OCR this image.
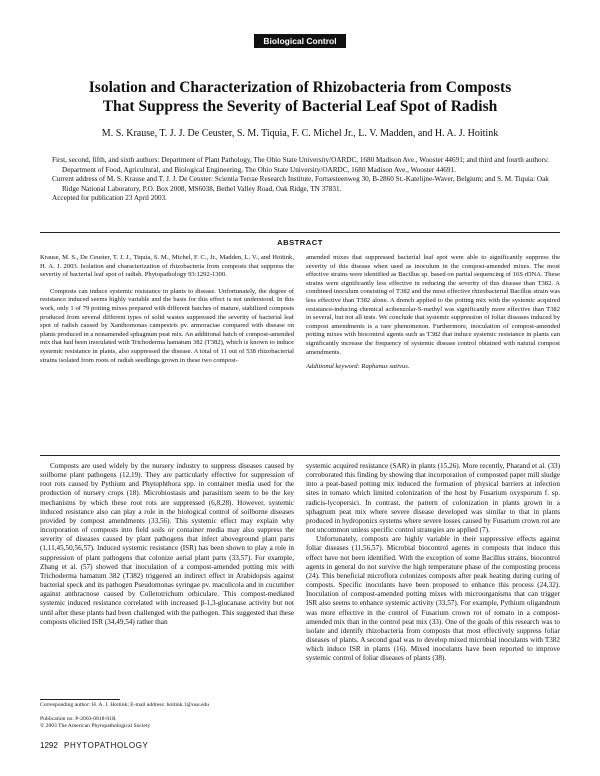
Biological Control
Isolation and Characterization of Rhizobacteria from Composts
That Suppress the Severity of Bacterial Leaf Spot of Radish
M. S. Krause, T. J. J. De Ceuster, S. M. Tiquia, F. C. Michel Jr., L. V. Madden, and H. A. J. Hoitink

First, second, fifth, and sixth authors: Department of Plant Pathology, The Ohio State University/OARDC, 1680 Madison Ave., Wooster 44691; and third and fourth authors: Department of Food, Agricultural, and Biological Engineering, The Ohio State University/OARDC, 1680 Madison Ave., Wooster 44691.

Current address of M. S. Krause and T. J. J. De Ceuster: Scientia Terrae Research Institute, Fortsesteenweg 30, B-2860 St.-Katelijne-Waver, Belgium; and S. M. Tiquia: Oak Ridge National Laboratory, P.O. Box 2008, MS6038, Bethel Valley Road, Oak Ridge, TN 37831.

Accepted for publication 23 April 2003.

ABSTRACT

Krause, M. S., De Ceuster, T. J. J., Tiquia, S. M., Michel, F. C., Jr., Madden, L. V., and Hoitink, H. A. J. 2003. Isolation and characterization of rhizobacteria from composts that suppress the severity of bacterial leaf spot of radish. Phytopathology 93:1292-1300.

Composts can induce systemic resistance in plants to disease. Unfortunately, the degree of resistance induced seems highly variable and the basis for this effect is not understood. In this work, only 1 of 79 potting mixes prepared with different batches of mature, stabilized composts produced from several different types of solid wastes suppressed the severity of bacterial leaf spot of radish caused by Xanthomonas campestris pv. armoraciae compared with disease on plants produced in a nonamended sphagnum peat mix. An additional batch of compost-amended mix that had been inoculated with Trichoderma hamatum 382 (T382), which is known to induce systemic resistance in plants, also suppressed the disease. A total of 11 out of 538 rhizobacterial strains isolated from roots of radish seedlings grown in these two compost-

amended mixes that suppressed bacterial leaf spot were able to significantly suppress the severity of this disease when used as inoculum in the compost-amended mixes. The most effective strains were identified as Bacillus sp. based on partial sequencing of 16S rDNA. These strains were significantly less effective in reducing the severity of this disease than T382. A combined inoculum consisting of T382 and the most effective rhizobacterial Bacillus strain was less effective than T382 alone. A drench applied to the potting mix with the systemic acquired resistance-inducing chemical acibenzolar-S-methyl was significantly more effective than T382 in several, but not all tests. We conclude that systemic suppression of foliar diseases induced by compost amendments is a rare phenomenon. Furthermore, inoculation of compost-amended potting mixes with biocontrol agents such as T382 that induce systemic resistance in plants can significantly increase the frequency of systemic disease control obtained with natural compost amendments.

Additional keyword: Raphanus sativus.

Composts are used widely by the nursery industry to suppress diseases caused by soilborne plant pathogens (12,19). They are particularly effective for suppression of root rots caused by Pythium and Phytophthora spp. in container media used for the production of nursery crops (18). Microbiostasis and parasitism seem to be the key mechanisms by which these root rots are suppressed (6,8,28). However, systemic induced resistance also can play a role in the biological control of soilborne diseases provided by compost amendments (33,56). This systemic effect may explain why incorporation of composts into field soils or container media may also suppress the severity of diseases caused by plant pathogens that infect aboveground plant parts (1,11,45,50,56,57). Induced systemic resistance (ISR) has been shown to play a role in suppression of plant pathogens that colonize aerial plant parts (33,57). For example, Zhang et al. (57) showed that inoculation of a compost-amended potting mix with Trichoderma hamatum 382 (T382) triggered an indirect effect in Arabidopsis against bacterial speck and its pathogen Pseudomonas syringae pv. maculicola and in cucumber against anthracnose caused by Colletotrichum orbiculare. This compost-mediated systemic induced resistance correlated with increased β-1,3-glucanase activity but not until after these plants had been challenged with the pathogen. This suggested that these composts elicited ISR (34,49,54) rather than

systemic acquired resistance (SAR) in plants (15,26). More recently, Pharand et al. (33) corroborated this finding by showing that incorporation of composted paper mill sludge into a peat-based potting mix induced the formation of physical barriers at infection sites in tomato which limited colonization of the host by Fusarium oxysporum f. sp. radicis-lycopersici. In contrast, the pattern of colonization in plants grown in a sphagnum peat mix where severe disease developed was similar to that in plants produced in hydroponics systems where severe losses caused by Fusarium crown rot are not uncommon unless specific control strategies are applied (7).

Unfortunately, composts are highly variable in their suppressive effects against foliar diseases (11,56,57). Microbial biocontrol agents in composts that induce this effect have not been identified. With the exception of some Bacillus strains, biocontrol agents in general do not survive the high temperature phase of the composting process (24). This beneficial microflora colonizes composts after peak heating during curing of composts. Specific inoculants have been proposed to enhance this process (24,32). Inoculation of compost-amended potting mixes with microorganisms that can trigger ISR also seems to enhance systemic activity (33,57). For example, Pythium oligandrum was more effective in the control of Fusarium crown rot of tomato in a compost-amended mix than in the control peat mix (33). One of the goals of this research was to isolate and identify rhizobacteria from composts that most effectively suppress foliar diseases of plants. A second goal was to develop mixed microbial inoculants with T382 which induce ISR in plants (16). Mixed inoculants have been reported to improve systemic control of foliar diseases of plants (38).

Corresponding author: H. A. J. Hoitink; E-mail address: hoitink.1@osu.edu
Publication no. P-2003-0818-01R
© 2003 The American Phytopathological Society
1292 PHYTOPATHOLOGY
